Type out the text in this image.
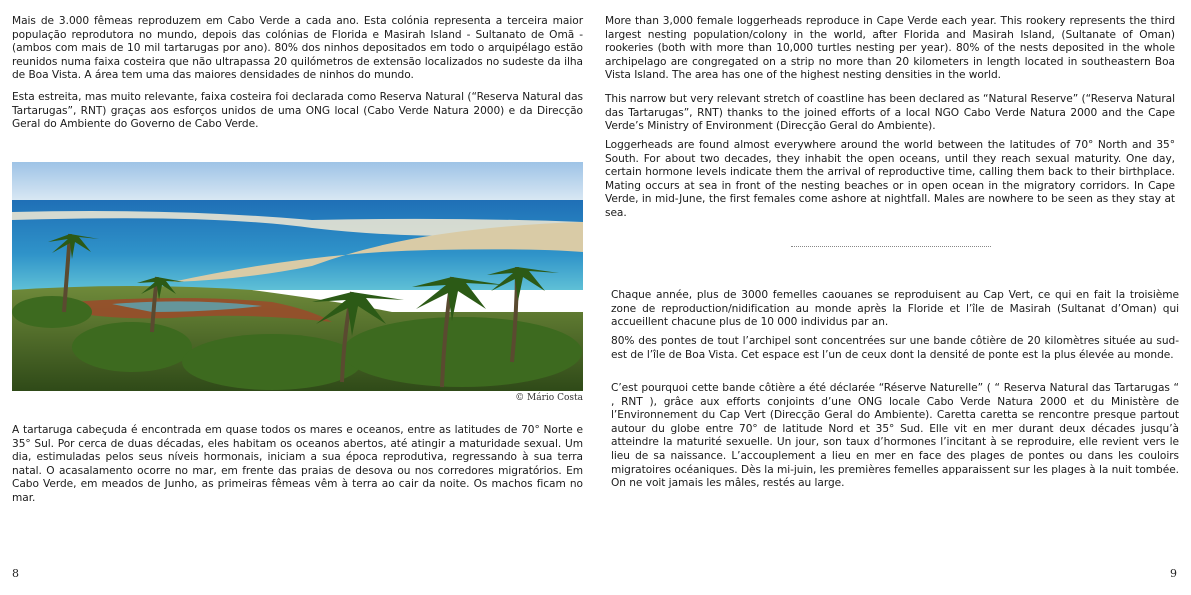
Mais de 3.000 fêmeas reproduzem em Cabo Verde a cada ano. Esta colónia representa a terceira maior população reprodutora no mundo, depois das colónias de Florida e Masirah Island - Sultanato de Omã - (ambos com mais de 10 mil tartarugas por ano). 80% dos ninhos depositados em todo o arquipélago estão reunidos numa faixa costeira que não ultrapassa 20 quilómetros de extensão localizados no sudeste da ilha de Boa Vista. A área tem uma das maiores densidades de ninhos do mundo.

Esta estreita, mas muito relevante, faixa costeira foi declarada como Reserva Natural (“Reserva Natural das Tartarugas”, RNT) graças aos esforços unidos de uma ONG local (Cabo Verde Natura 2000) e da Direcção Geral do Ambiente do Governo de Cabo Verde.

© Mário Costa

A tartaruga cabeçuda é encontrada em quase todos os mares e oceanos, entre as latitudes de 70° Norte e 35° Sul. Por cerca de duas décadas, eles habitam os oceanos abertos, até atingir a maturidade sexual. Um dia, estimuladas pelos seus níveis hormonais, iniciam a sua época reprodutiva, regressando à sua terra natal. O acasalamento ocorre no mar, em frente das praias de desova ou nos corredores migratórios. Em Cabo Verde, em meados de Junho, as primeiras fêmeas vêm à terra ao cair da noite. Os machos ficam no mar.

8

More than 3,000 female loggerheads reproduce in Cape Verde each year. This rookery represents the third largest nesting population/colony in the world, after Florida and Masirah Island, (Sultanate of Oman) rookeries (both with more than 10,000 turtles nesting per year). 80% of the nests deposited in the whole archipelago are congregated on a strip no more than 20 kilometers in length located in southeastern Boa Vista Island. The area has one of the highest nesting densities in the world.

This narrow but very relevant stretch of coastline has been declared as “Natural Reserve” (“Reserva Natural das Tartarugas”, RNT) thanks to the joined efforts of a local NGO Cabo Verde Natura 2000 and the Cape Verde’s Ministry of Environment (Direcção Geral do Ambiente).

Loggerheads are found almost everywhere around the world between the latitudes of 70° North and 35° South. For about two decades, they inhabit the open oceans, until they reach sexual maturity. One day, certain hormone levels indicate them the arrival of reproductive time, calling them back to their birthplace. Mating occurs at sea in front of the nesting beaches or in open ocean in the migratory corridors. In Cape Verde, in mid-June, the first females come ashore at nightfall. Males are nowhere to be seen as they stay at sea.

Chaque année, plus de 3000 femelles caouanes se reproduisent au Cap Vert, ce qui en fait la troisième zone de reproduction/nidification au monde après la Floride et l’île de Masirah (Sultanat d’Oman) qui accueillent chacune plus de 10 000 individus par an.

80% des pontes de tout l’archipel sont concentrées sur une bande côtière de 20 kilomètres située au sud-est de l’île de Boa Vista. Cet espace est l’un de ceux dont la densité de ponte est la plus élevée au monde.

C’est pourquoi cette bande côtière a été déclarée “Réserve Naturelle” ( “ Reserva Natural das Tartarugas “ , RNT ), grâce aux efforts conjoints d’une ONG locale Cabo Verde Natura 2000 et du Ministère de l’Environnement du Cap Vert (Direcção Geral do Ambiente). Caretta caretta se rencontre presque partout autour du globe entre 70° de latitude Nord et 35° Sud. Elle vit en mer durant deux décades jusqu’à atteindre la maturité sexuelle. Un jour, son taux d’hormones l’incitant à se reproduire, elle revient vers le lieu de sa naissance. L’accouplement a lieu en mer en face des plages de pontes ou dans les couloirs migratoires océaniques. Dès la mi-juin, les premières femelles apparaissent sur les plages à la nuit tombée. On ne voit jamais les mâles, restés au large.

9
